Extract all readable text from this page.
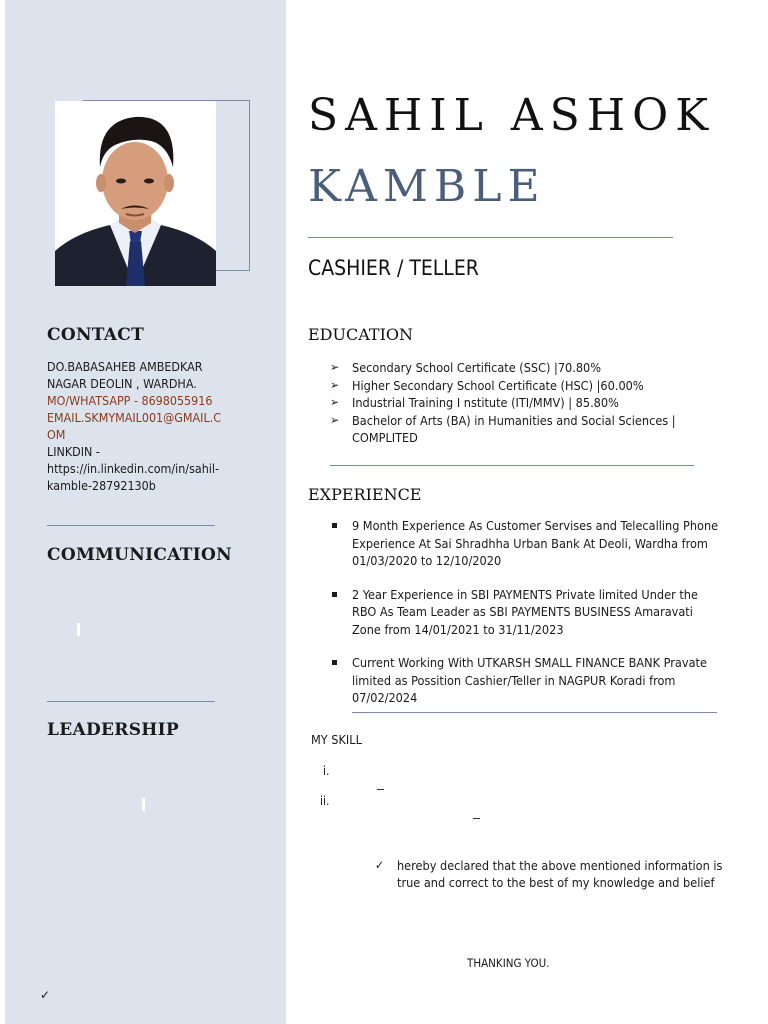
CONTACT
DO.BABASAHEB AMBEDKAR
NAGAR DEOLIN , WARDHA.
MO/WHATSAPP - 8698055916
EMAIL.SKMYMAIL001@GMAIL.C
OM
LINKDIN -
https://in.linkedin.com/in/sahil-
kamble-28792130b
COMMUNICATION
LEADERSHIP
✓
SAHIL ASHOK
KAMBLE
CASHIER / TELLER
EDUCATION
➢ Secondary School Certificate (SSC) |70.80%
➢ Higher Secondary School Certificate (HSC) |60.00%
➢ Industrial Training I nstitute (ITI/MMV) | 85.80%
➢ Bachelor of Arts (BA) in Humanities and Social Sciences | COMPLITED
EXPERIENCE
9 Month Experience As Customer Servises and Telecalling Phone Experience At Sai Shradhha Urban Bank At Deoli, Wardha from 01/03/2020 to 12/10/2020
2 Year Experience in SBI PAYMENTS Private limited Under the RBO As Team Leader as SBI PAYMENTS BUSINESS Amaravati Zone from 14/01/2021 to 31/11/2023
Current Working With UTKARSH SMALL FINANCE BANK Pravate limited as Possition Cashier/Teller in NAGPUR Koradi from 07/02/2024
MY SKILL
i.
ii.
✓	hereby declared that the above mentioned information is true and correct to the best of my knowledge and belief

THANKING YOU.
